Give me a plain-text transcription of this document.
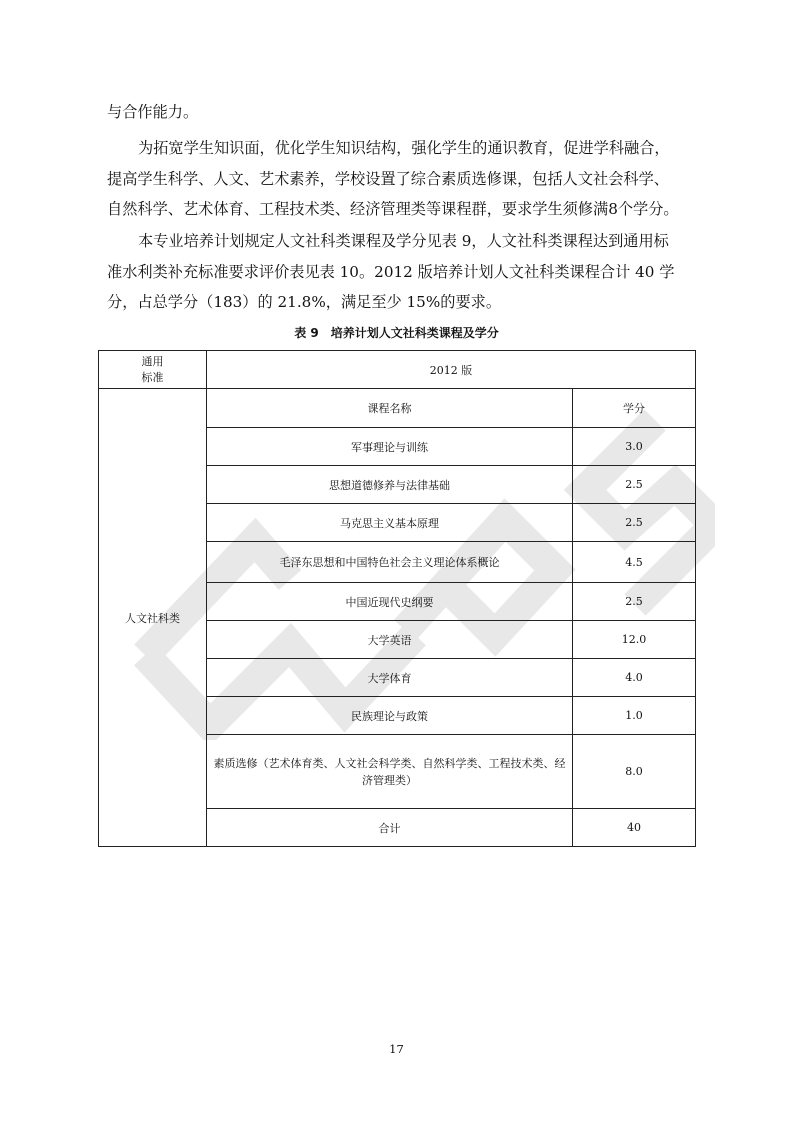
与合作能力。

为拓宽学生知识面，优化学生知识结构，强化学生的通识教育，促进学科融合，
提高学生科学、人文、艺术素养，学校设置了综合素质选修课，包括人文社会科学、
自然科学、艺术体育、工程技术类、经济管理类等课程群，要求学生须修满8个学分。

本专业培养计划规定人文社科类课程及学分见表 9，人文社科类课程达到通用标
准水利类补充标准要求评价表见表 10。2012 版培养计划人文社科类课程合计 40 学
分，占总学分（183）的 21.8%，满足至少 15%的要求。

表 9　培养计划人文社科类课程及学分
通用
标准	2012 版	
人文社科类	课程名称	学分
	军事理论与训练	3.0
	思想道德修养与法律基础	2.5
	马克思主义基本原理	2.5
	毛泽东思想和中国特色社会主义理论体系概论	4.5
	中国近现代史纲要	2.5
	大学英语	12.0
	大学体育	4.0
	民族理论与政策	1.0
	素质选修（艺术体育类、人文社会科学类、自然科学类、工程技术类、经济管理类）	8.0
	合计	40
17
